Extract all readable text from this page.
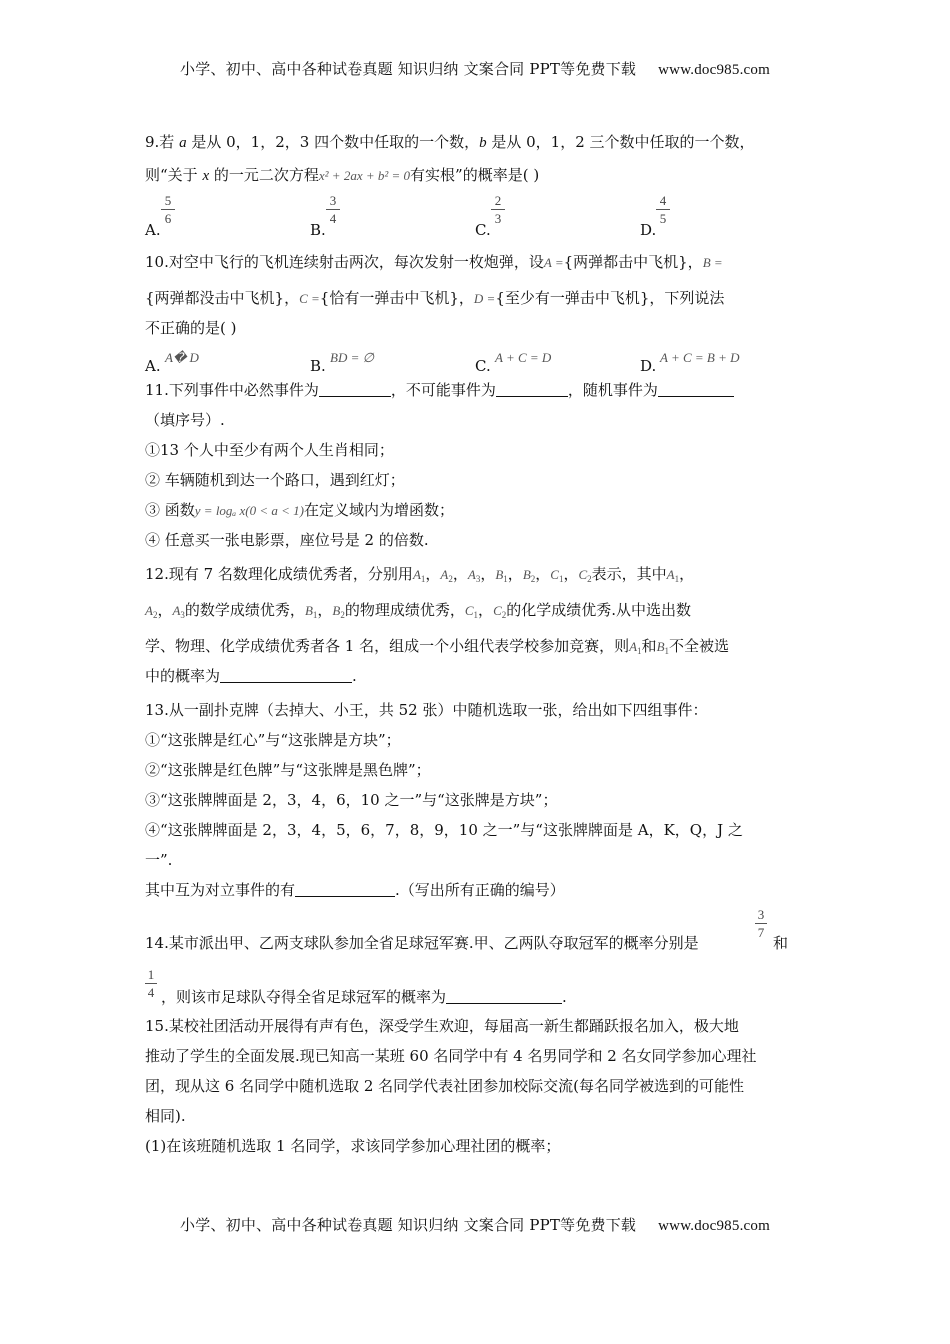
小学、初中、高中各种试卷真题 知识归纳 文案合同 PPT等免费下载 www.doc985.com
9.若 a 是从 0，1，2，3 四个数中任取的一个数，b 是从 0，1，2 三个数中任取的一个数，
则“关于 x 的一元二次方程x² + 2ax + b² = 0有实根”的概率是( )
A.
5
6
B.
3
4
C.
2
3
D.
4
5
10.对空中飞行的飞机连续射击两次，每次发射一枚炮弹，设A ={两弹都击中飞机}，B =
{两弹都没击中飞机}，C ={恰有一弹击中飞机}，D ={至少有一弹击中飞机}，下列说法
不正确的是( )
A. A� D	B. BD = ∅	C. A + C = D	D. A + C = B + D
11.下列事件中必然事件为	，不可能事件为	，随机事件为
（填序号）.
①13 个人中至少有两个人生肖相同；
② 车辆随机到达一个路口，遇到红灯；
③ 函数y = logₐ x(0 < a < 1)在定义域内为增函数；
④ 任意买一张电影票，座位号是 2 的倍数.
12.现有 7 名数理化成绩优秀者，分别用$A_1$，$A_2$，$A_3$，$B_1$，$B_2$，$C_1$，$C_2$表示，其中$A_1$，
$A_2$，$A_3$的数学成绩优秀，$B_1$，$B_2$的物理成绩优秀，$C_1$，$C_2$的化学成绩优秀.从中选出数
学、物理、化学成绩优秀者各 1 名，组成一个小组代表学校参加竞赛，则$A_1$和$B_1$不全被选
中的概率为	.
13.从一副扑克牌（去掉大、小王，共 52 张）中随机选取一张，给出如下四组事件：
①“这张牌是红心”与“这张牌是方块”；
②“这张牌是红色牌”与“这张牌是黑色牌”；
③“这张牌牌面是 2，3，4，6，10 之一”与“这张牌是方块”；
④“这张牌牌面是 2，3，4，5，6，7，8，9，10 之一”与“这张牌牌面是 A，K，Q，J 之
一”.
其中互为对立事件的有	.（写出所有正确的编号）
14.某市派出甲、乙两支球队参加全省足球冠军赛.甲、乙两队夺取冠军的概率分别是
3
7
和
1
4 ，则该市足球队夺得全省足球冠军的概率为	.
15.某校社团活动开展得有声有色，深受学生欢迎，每届高一新生都踊跃报名加入，极大地
推动了学生的全面发展.现已知高一某班 60 名同学中有 4 名男同学和 2 名女同学参加心理社
团，现从这 6 名同学中随机选取 2 名同学代表社团参加校际交流(每名同学被选到的可能性
相同).
(1)在该班随机选取 1 名同学，求该同学参加心理社团的概率；
小学、初中、高中各种试卷真题 知识归纳 文案合同 PPT等免费下载 www.doc985.com
